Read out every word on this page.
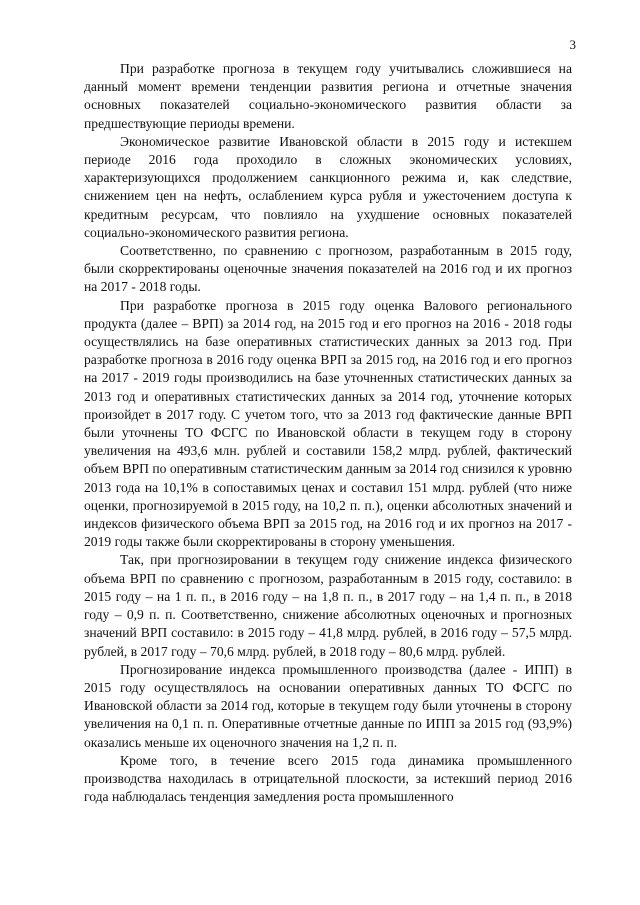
3

При разработке прогноза в текущем году учитывались сложившиеся на данный момент времени тенденции развития региона и отчетные значения основных показателей социально-экономического развития области за предшествующие периоды времени.

Экономическое развитие Ивановской области в 2015 году и истекшем периоде 2016 года проходило в сложных экономических условиях, характеризующихся продолжением санкционного режима и, как следствие, снижением цен на нефть, ослаблением курса рубля и ужесточением доступа к кредитным ресурсам, что повлияло на ухудшение основных показателей социально-экономического развития региона.

Соответственно, по сравнению с прогнозом, разработанным в 2015 году, были скорректированы оценочные значения показателей на 2016 год и их прогноз на 2017 - 2018 годы.

При разработке прогноза в 2015 году оценка Валового регионального продукта (далее – ВРП) за 2014 год, на 2015 год и его прогноз на 2016 - 2018 годы осуществлялись на базе оперативных статистических данных за 2013 год. При разработке прогноза в 2016 году оценка ВРП за 2015 год, на 2016 год и его прогноз на 2017 - 2019 годы производились на базе уточненных статистических данных за 2013 год и оперативных статистических данных за 2014 год, уточнение которых произойдет в 2017 году. С учетом того, что за 2013 год фактические данные ВРП были уточнены ТО ФСГС по Ивановской области в текущем году в сторону увеличения на 493,6 млн. рублей и составили 158,2 млрд. рублей, фактический объем ВРП по оперативным статистическим данным за 2014 год снизился к уровню 2013 года на 10,1% в сопоставимых ценах и составил 151 млрд. рублей (что ниже оценки, прогнозируемой в 2015 году, на 10,2 п. п.), оценки абсолютных значений и индексов физического объема ВРП за 2015 год, на 2016 год и их прогноз на 2017 - 2019 годы также были скорректированы в сторону уменьшения.

Так, при прогнозировании в текущем году снижение индекса физического объема ВРП по сравнению с прогнозом, разработанным в 2015 году, составило: в 2015 году – на 1 п. п., в 2016 году – на 1,8 п. п., в 2017 году – на 1,4 п. п., в 2018 году – 0,9 п. п. Соответственно, снижение абсолютных оценочных и прогнозных значений ВРП составило: в 2015 году – 41,8 млрд. рублей, в 2016 году – 57,5 млрд. рублей, в 2017 году – 70,6 млрд. рублей, в 2018 году – 80,6 млрд. рублей.

Прогнозирование индекса промышленного производства (далее - ИПП) в 2015 году осуществлялось на основании оперативных данных ТО ФСГС по Ивановской области за 2014 год, которые в текущем году были уточнены в сторону увеличения на 0,1 п. п. Оперативные отчетные данные по ИПП за 2015 год (93,9%) оказались меньше их оценочного значения на 1,2 п. п.

Кроме того, в течение всего 2015 года динамика промышленного производства находилась в отрицательной плоскости, за истекший период 2016 года наблюдалась тенденция замедления роста промышленного
